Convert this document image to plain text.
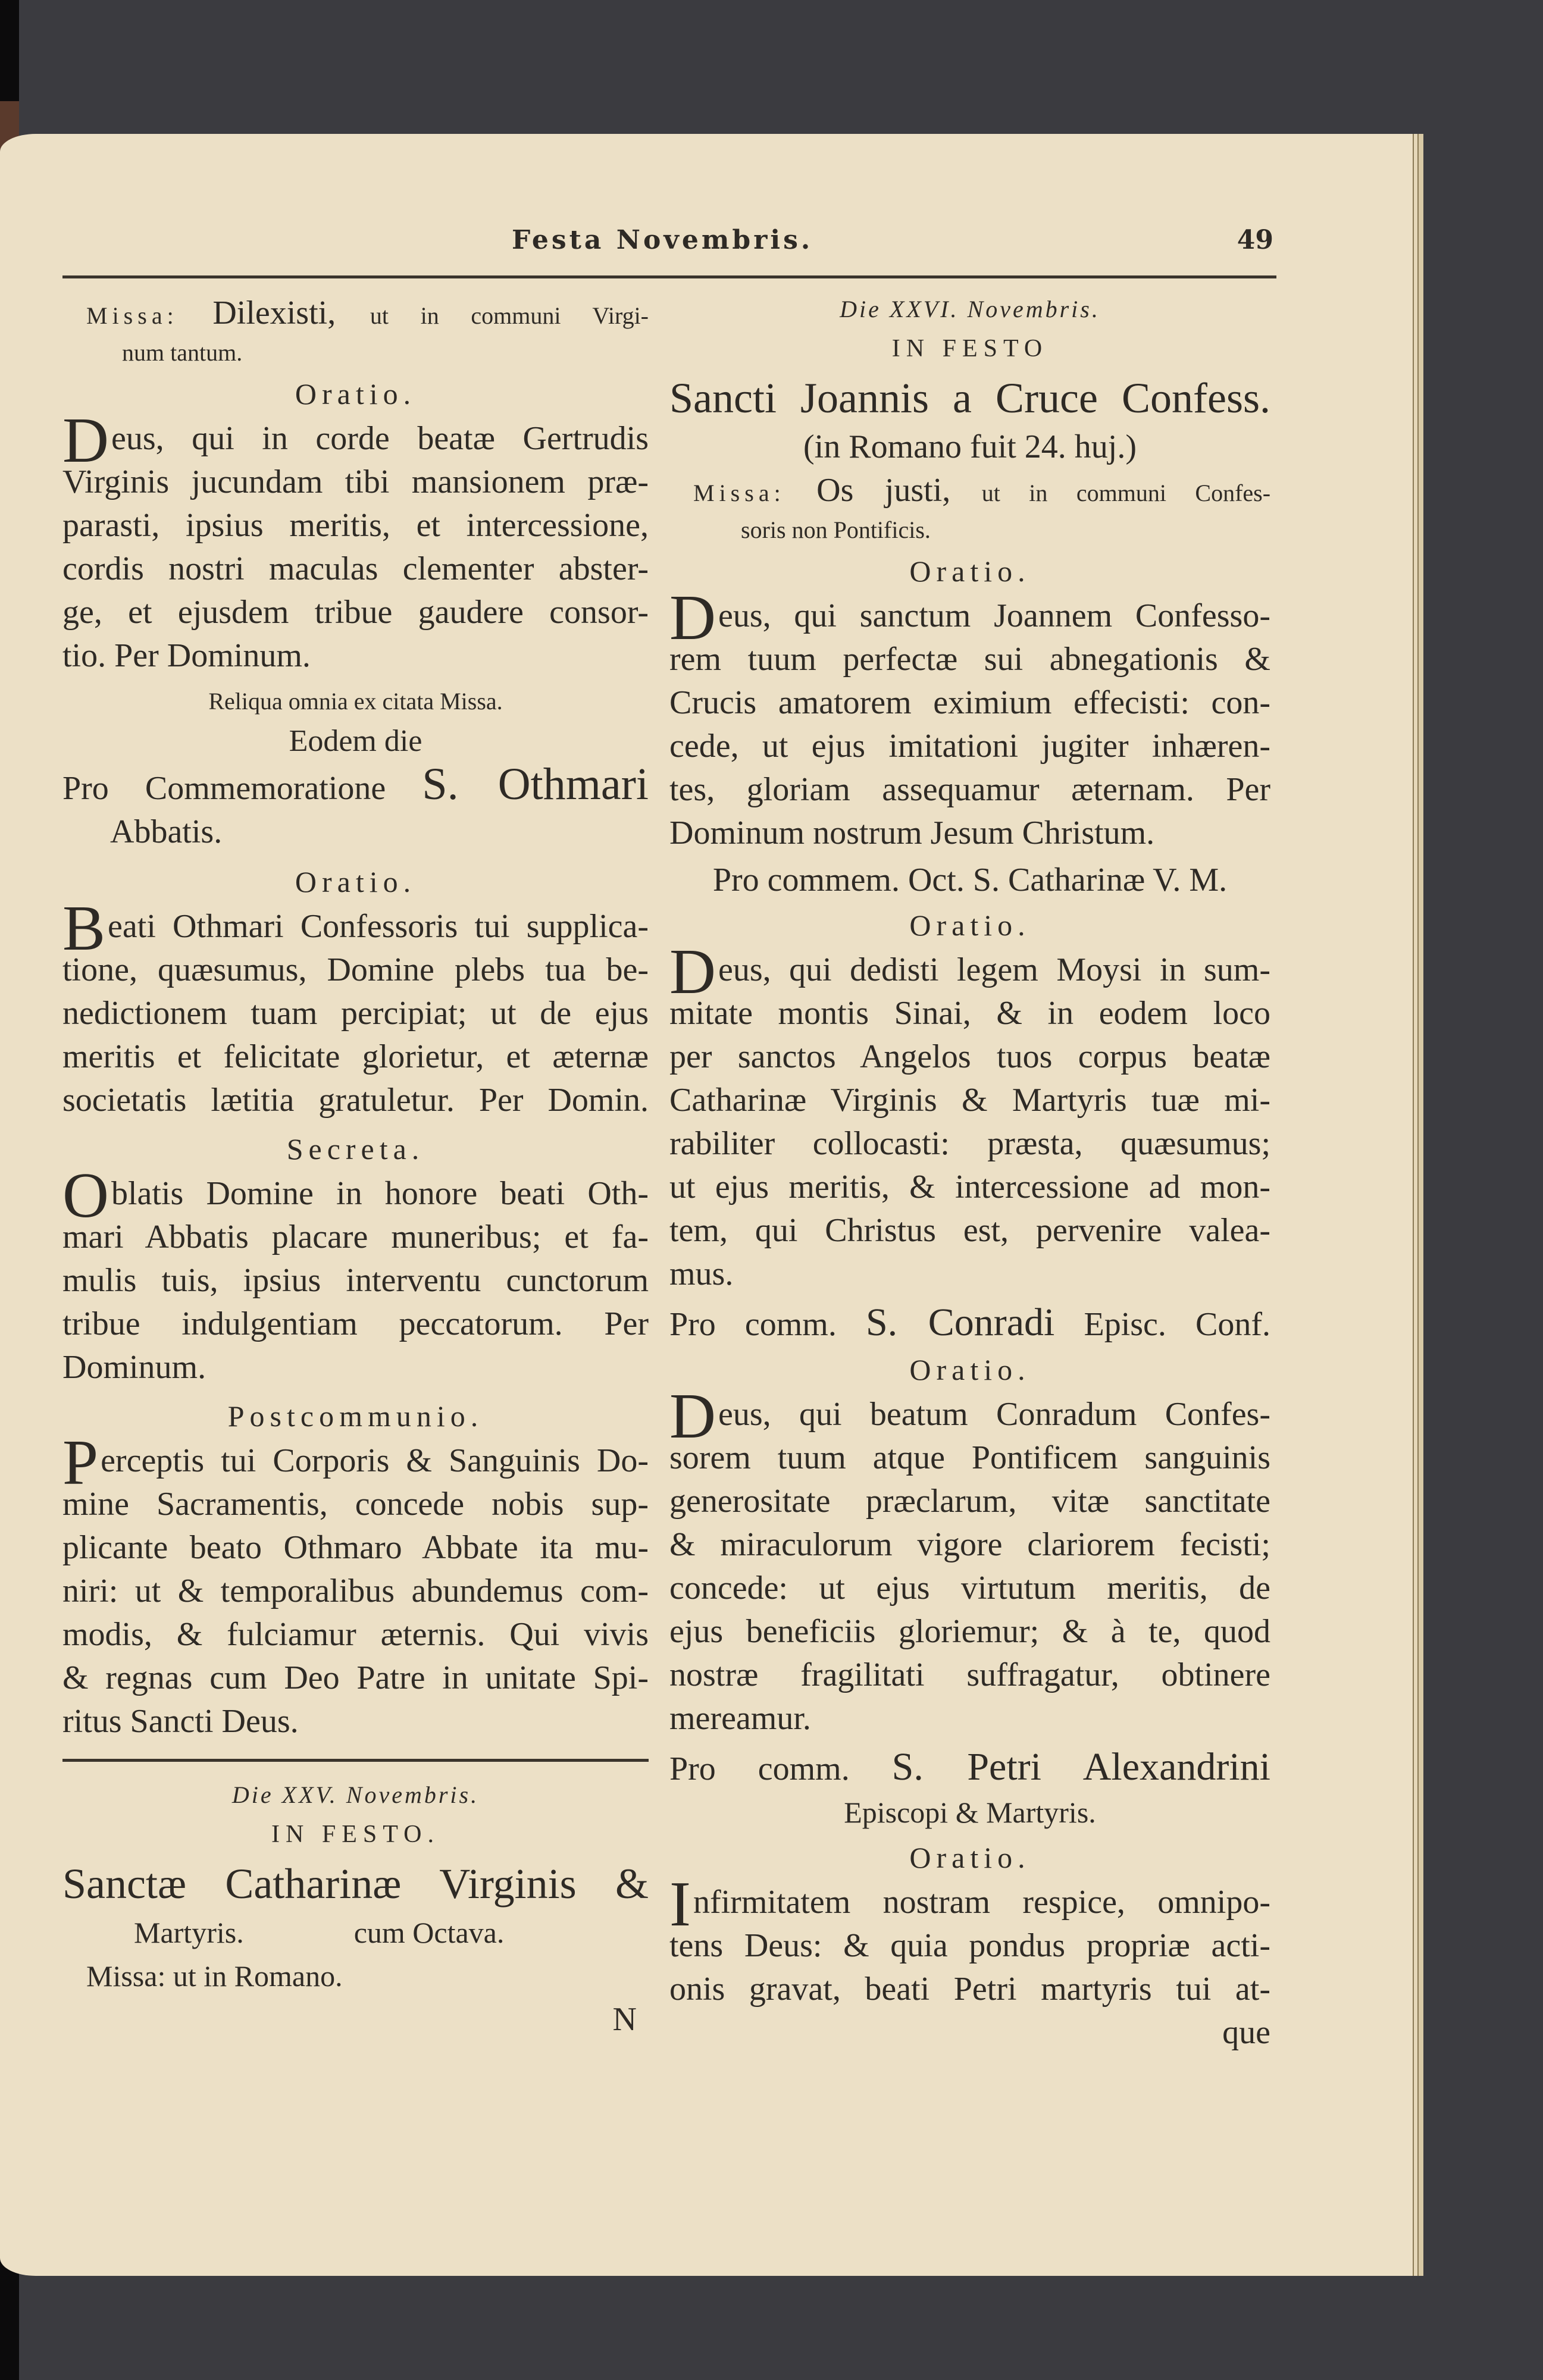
Festa Novembris.	49
Missa: Dilexisti, ut in communi Virgi-
num tantum.
Oratio.
D eus, qui in corde beatæ Gertrudis
Virginis jucundam tibi mansionem præ-
parasti, ipsius meritis, et intercessione,
cordis nostri maculas clementer abster-
ge, et ejusdem tribue gaudere consor-
tio. Per Dominum.
Reliqua omnia ex citata Missa.
Eodem die
Pro Commemoratione S. Othmari
Abbatis.
Oratio.
B eati Othmari Confessoris tui supplica-
tione, quæsumus, Domine plebs tua be-
nedictionem tuam percipiat; ut de ejus
meritis et felicitate glorietur, et æternæ
societatis lætitia gratuletur. Per Domin.
Secreta.
O blatis Domine in honore beati Oth-
mari Abbatis placare muneribus; et fa-
mulis tuis, ipsius interventu cunctorum
tribue indulgentiam peccatorum. Per
Dominum.
Postcommunio.
P erceptis tui Corporis & Sanguinis Do-
mine Sacramentis, concede nobis sup-
plicante beato Othmaro Abbate ita mu-
niri: ut & temporalibus abundemus com-
modis, & fulciamur æternis. Qui vivis
& regnas cum Deo Patre in unitate Spi-
ritus Sancti Deus.
Die XXV. Novembris.
IN FESTO.
Sanctæ Catharinæ Virginis &
Martyris.	cum Octava.
Missa: ut in Romano.
N
Die XXVI. Novembris.
IN FESTO
Sancti Joannis a Cruce Confess.
(in Romano fuit 24. huj.)
Missa: Os justi, ut in communi Confes-
soris non Pontificis.
Oratio.
D eus, qui sanctum Joannem Confesso-
rem tuum perfectæ sui abnegationis &
Crucis amatorem eximium effecisti: con-
cede, ut ejus imitationi jugiter inhæren-
tes, gloriam assequamur æternam. Per
Dominum nostrum Jesum Christum.
Pro commem. Oct. S. Catharinæ V. M.
Oratio.
D eus, qui dedisti legem Moysi in sum-
mitate montis Sinai, & in eodem loco
per sanctos Angelos tuos corpus beatæ
Catharinæ Virginis & Martyris tuæ mi-
rabiliter collocasti: præsta, quæsumus;
ut ejus meritis, & intercessione ad mon-
tem, qui Christus est, pervenire valea-
mus.
Pro comm. S. Conradi Episc. Conf.
Oratio.
D eus, qui beatum Conradum Confes-
sorem tuum atque Pontificem sanguinis
generositate præclarum, vitæ sanctitate
& miraculorum vigore clariorem fecisti;
concede: ut ejus virtutum meritis, de
ejus beneficiis gloriemur; & à te, quod
nostræ fragilitati suffragatur, obtinere
mereamur.
Pro comm. S. Petri Alexandrini
Episcopi & Martyris.
Oratio.
I nfirmitatem nostram respice, omnipo-
tens Deus: & quia pondus propriæ acti-
onis gravat, beati Petri martyris tui at-
que
